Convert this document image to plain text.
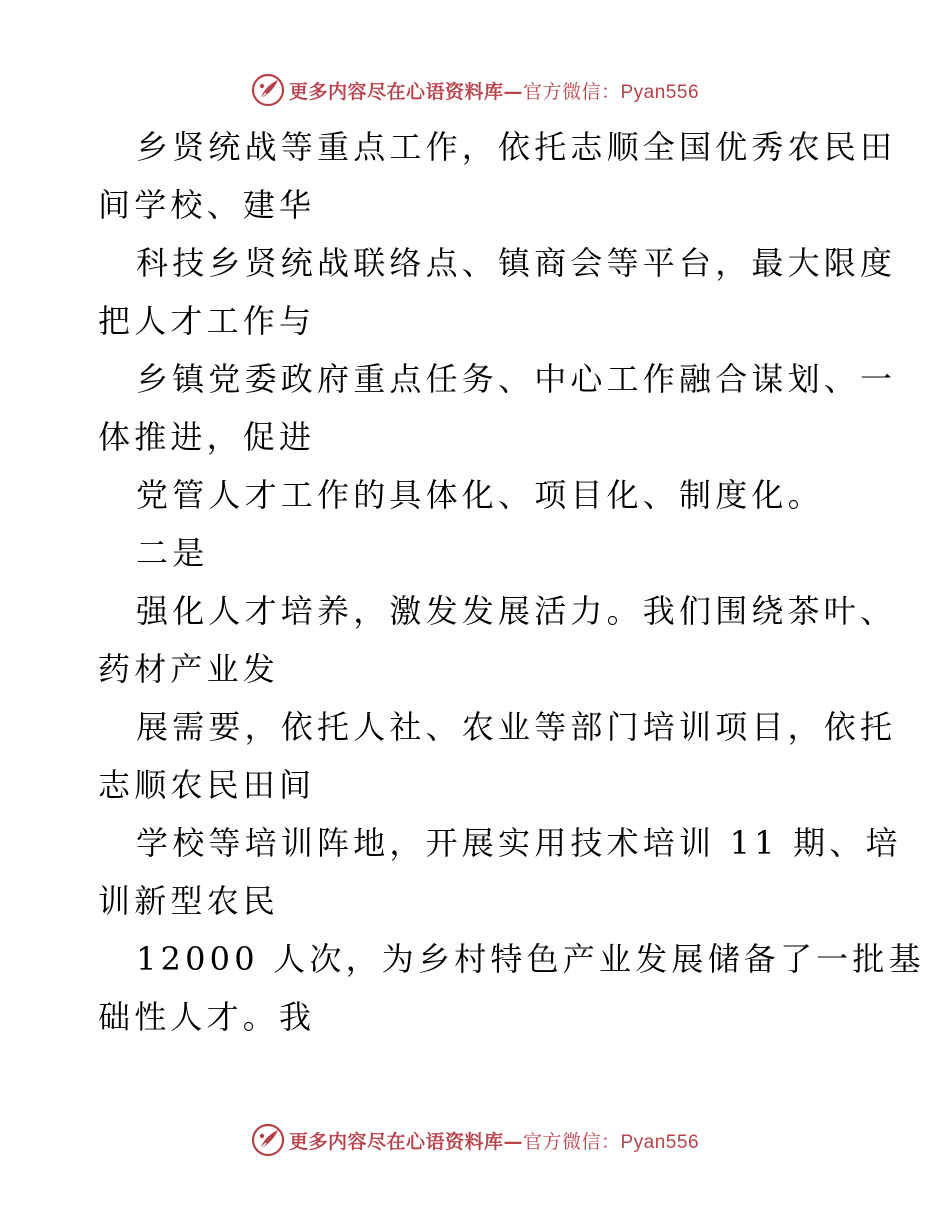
更多内容尽在心语资料库—官方微信：Pyan556
乡贤统战等重点工作，依托志顺全国优秀农民田
间学校、建华
科技乡贤统战联络点、镇商会等平台，最大限度
把人才工作与
乡镇党委政府重点任务、中心工作融合谋划、一
体推进，促进
党管人才工作的具体化、项目化、制度化。
二是
强化人才培养，激发发展活力。我们围绕茶叶、
药材产业发
展需要，依托人社、农业等部门培训项目，依托
志顺农民田间
学校等培训阵地，开展实用技术培训 11 期、培
训新型农民
12000 人次，为乡村特色产业发展储备了一批基
础性人才。我
更多内容尽在心语资料库—官方微信：Pyan556
